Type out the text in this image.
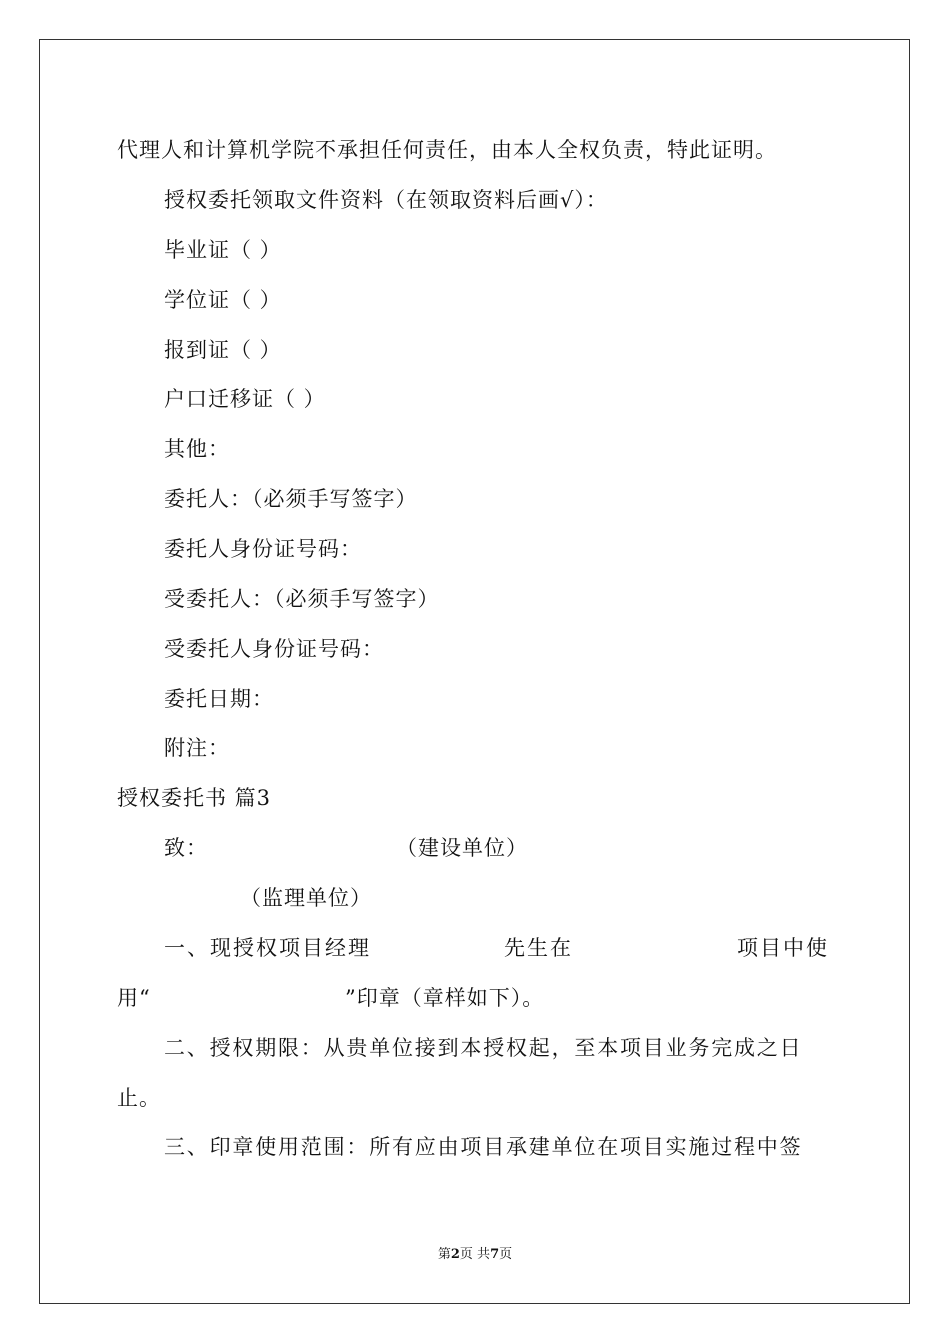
代理人和计算机学院不承担任何责任，由本人全权负责，特此证明。
授权委托领取文件资料（在领取资料后画√）：
毕业证（ ）
学位证（ ）
报到证（ ）
户口迁移证（ ）
其他：
委托人：（必须手写签字）
委托人身份证号码：
受委托人：（必须手写签字）
受委托人身份证号码：
委托日期：
附注：
授权委托书 篇3
致：	（建设单位）
（监理单位）
一、现授权项目经理	先生在	项目中使
用“	”印章（章样如下）。
二、授权期限：从贵单位接到本授权起，至本项目业务完成之日
止。
三、印章使用范围：所有应由项目承建单位在项目实施过程中签
第2页 共7页
